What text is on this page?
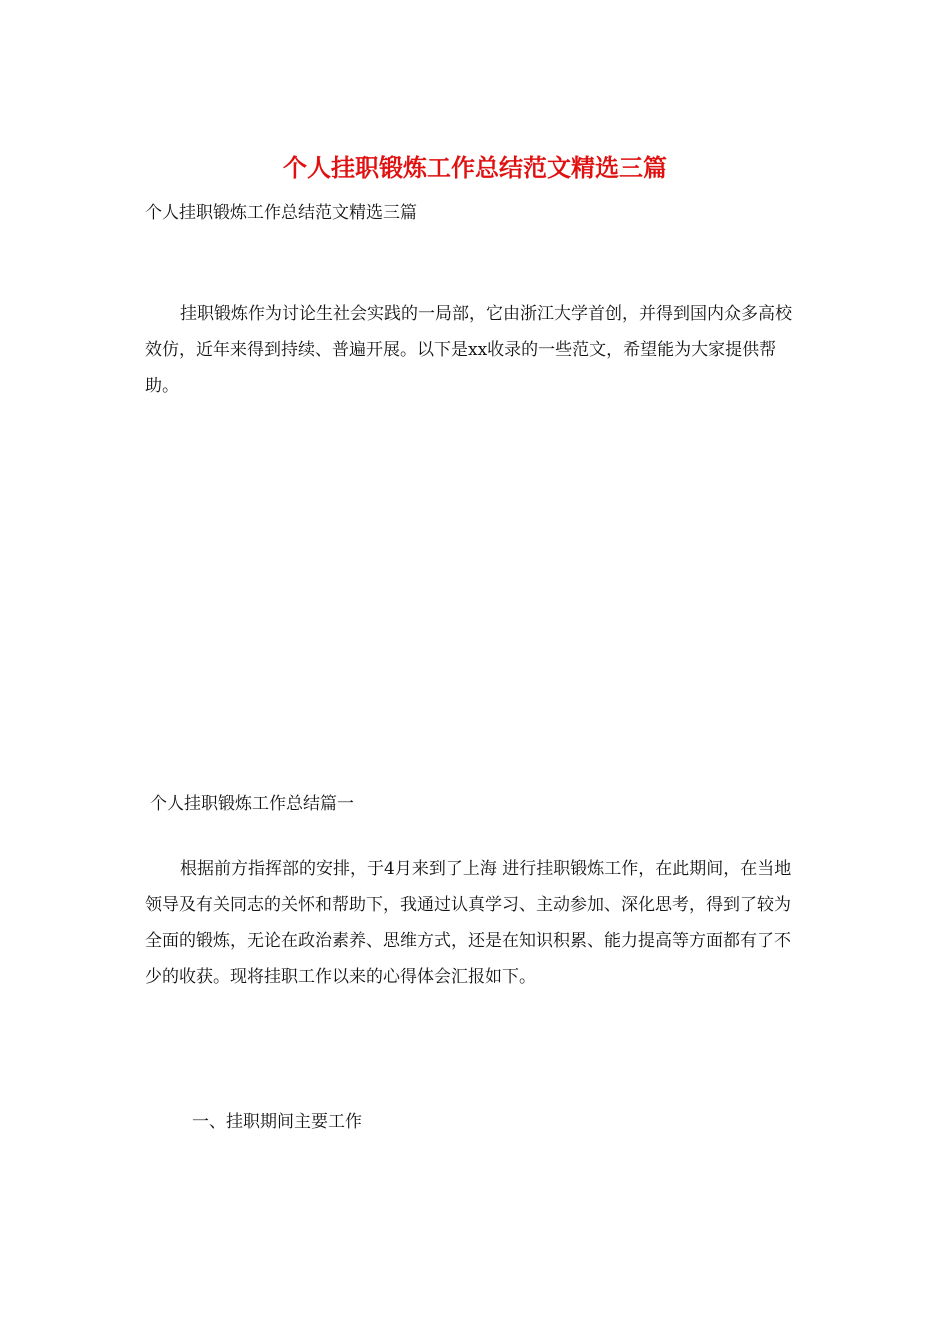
个人挂职锻炼工作总结范文精选三篇

个人挂职锻炼工作总结范文精选三篇

挂职锻炼作为讨论生社会实践的一局部，它由浙江大学首创，并得到国内众多高校效仿，近年来得到持续、普遍开展。以下是xx收录的一些范文，希望能为大家提供帮助。

个人挂职锻炼工作总结篇一

根据前方指挥部的安排，于4月来到了上海 进行挂职锻炼工作，在此期间，在当地领导及有关同志的关怀和帮助下，我通过认真学习、主动参加、深化思考，得到了较为全面的锻炼，无论在政治素养、思维方式，还是在知识积累、能力提高等方面都有了不少的收获。现将挂职工作以来的心得体会汇报如下。

一、挂职期间主要工作
